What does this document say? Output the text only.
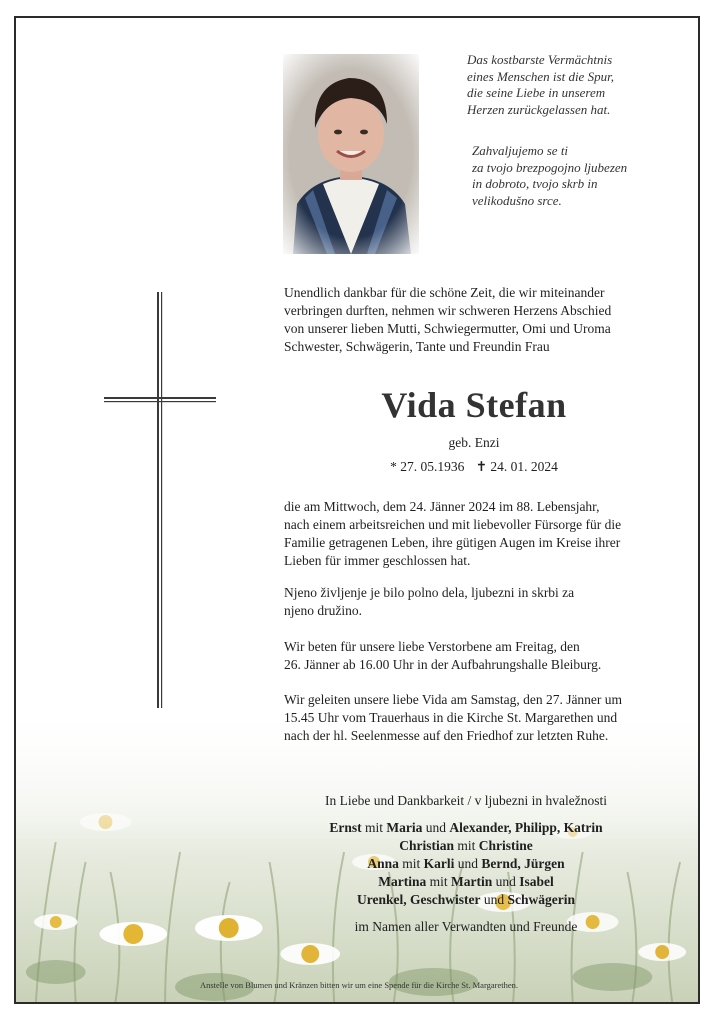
Das kostbarste Vermächtnis
eines Menschen ist die Spur,
die seine Liebe in unserem
Herzen zurückgelassen hat.
Zahvaljujemo se ti
za tvojo brezpogojno ljubezen
in dobroto, tvojo skrb in
velikodušno srce.
Unendlich dankbar für die schöne Zeit, die wir miteinander
verbringen durften, nehmen wir schweren Herzens Abschied
von unserer lieben Mutti, Schwiegermutter, Omi und Uroma
Schwester, Schwägerin, Tante und Freundin Frau
Vida Stefan
geb. Enzi
* 27. 05.1936 ✝ 24. 01. 2024
die am Mittwoch, dem 24. Jänner 2024 im 88. Lebensjahr,
nach einem arbeitsreichen und mit liebevoller Fürsorge für die
Familie getragenen Leben, ihre gütigen Augen im Kreise ihrer
Lieben für immer geschlossen hat.
Njeno življenje je bilo polno dela, ljubezni in skrbi za
njeno družino.
Wir beten für unsere liebe Verstorbene am Freitag, den
26. Jänner ab 16.00 Uhr in der Aufbahrungshalle Bleiburg.
Wir geleiten unsere liebe Vida am Samstag, den 27. Jänner um
15.45 Uhr vom Trauerhaus in die Kirche St. Margarethen und
nach der hl. Seelenmesse auf den Friedhof zur letzten Ruhe.
In Liebe und Dankbarkeit / v ljubezni in hvaležnosti
Ernst mit Maria und Alexander, Philipp, Katrin
Christian mit Christine
Anna mit Karli und Bernd, Jürgen
Martina mit Martin und Isabel
Urenkel, Geschwister und Schwägerin
im Namen aller Verwandten und Freunde
Anstelle von Blumen und Kränzen bitten wir um eine Spende für die Kirche St. Margarethen.
